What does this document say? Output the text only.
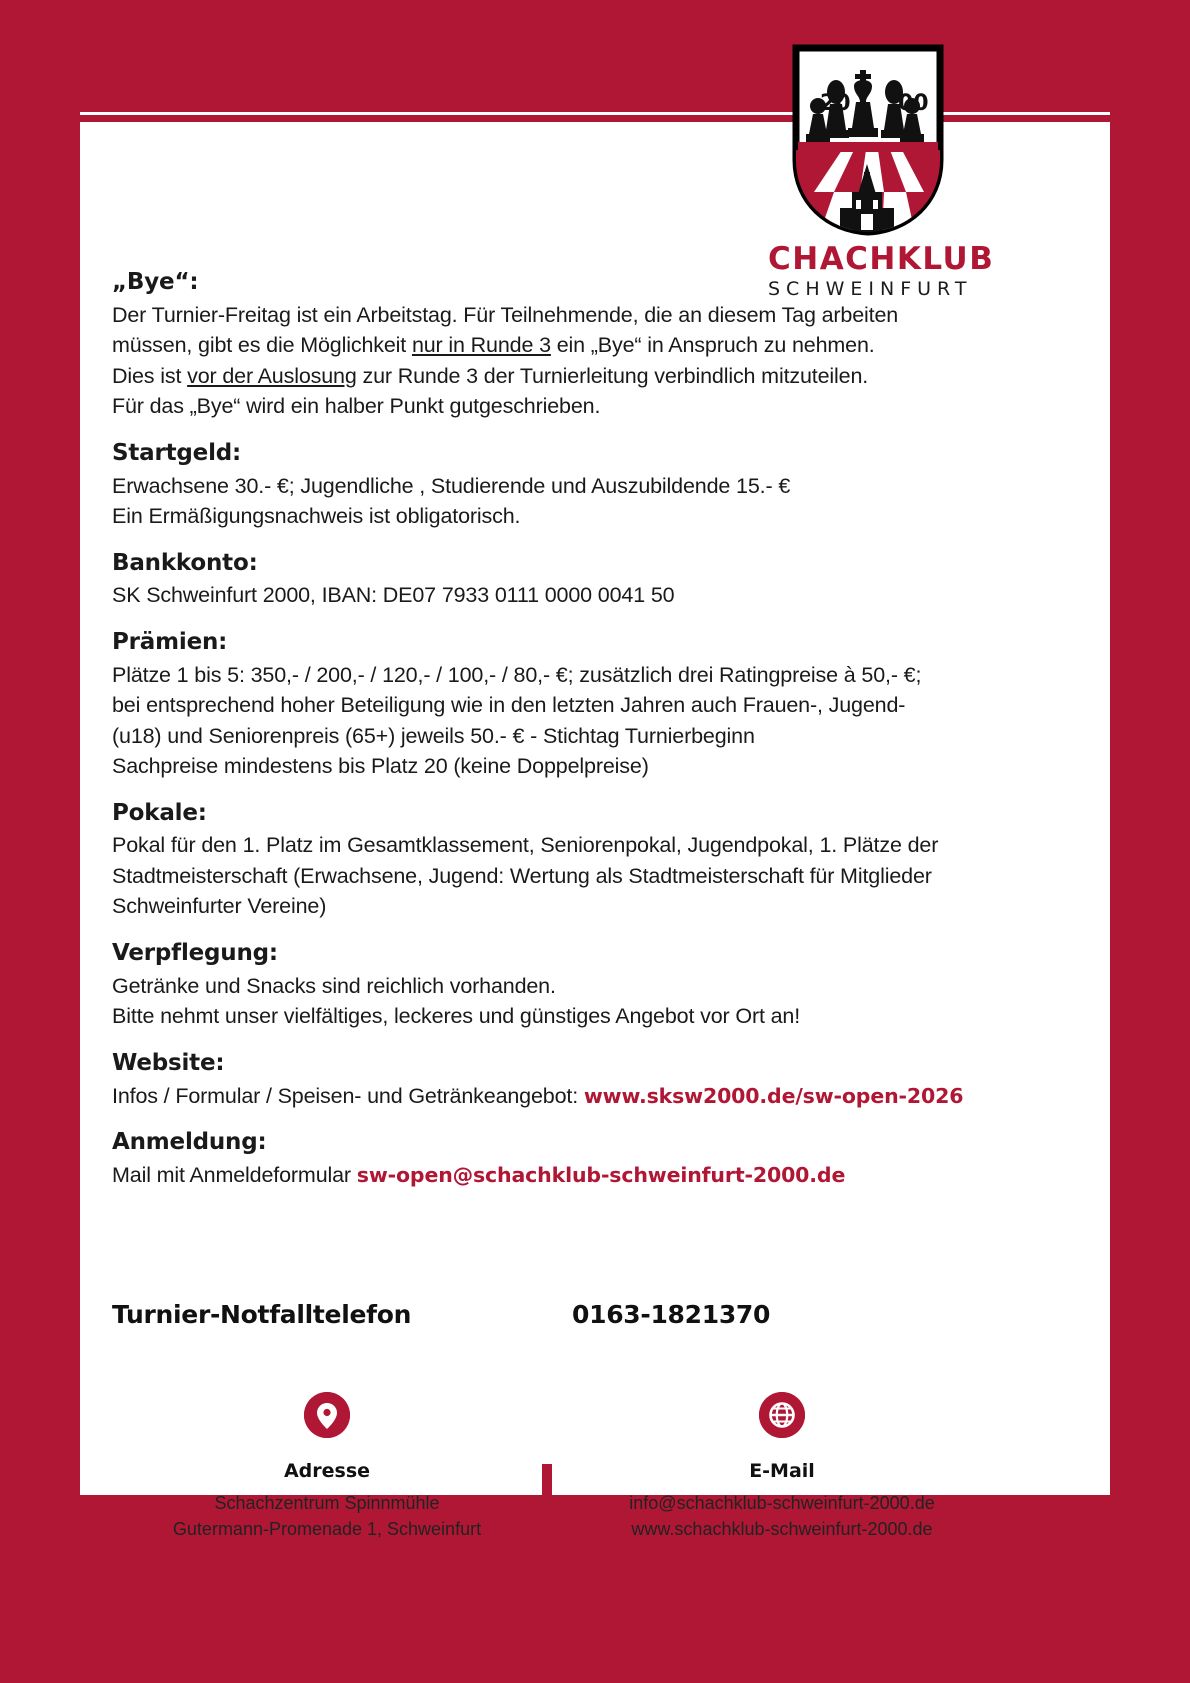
20 00
CHACHKLUB
SCHWEINFURT
„Bye“:

Der Turnier-Freitag ist ein Arbeitstag. Für Teilnehmende, die an diesem Tag arbeiten

müssen, gibt es die Möglichkeit nur in Runde 3 ein „Bye“ in Anspruch zu nehmen.

Dies ist vor der Auslosung zur Runde 3 der Turnierleitung verbindlich mitzuteilen.

Für das „Bye“ wird ein halber Punkt gutgeschrieben.

Startgeld:

Erwachsene 30.- €; Jugendliche , Studierende und Auszubildende 15.- €

Ein Ermäßigungsnachweis ist obligatorisch.

Bankkonto:

SK Schweinfurt 2000, IBAN: DE07 7933 0111 0000 0041 50

Prämien:

Plätze 1 bis 5: 350,- / 200,- / 120,- / 100,- / 80,- €; zusätzlich drei Ratingpreise à 50,- €;

bei entsprechend hoher Beteiligung wie in den letzten Jahren auch Frauen-, Jugend-

(u18) und Seniorenpreis (65+) jeweils 50.- € - Stichtag Turnierbeginn

Sachpreise mindestens bis Platz 20 (keine Doppelpreise)

Pokale:

Pokal für den 1. Platz im Gesamtklassement, Seniorenpokal, Jugendpokal, 1. Plätze der

Stadtmeisterschaft (Erwachsene, Jugend: Wertung als Stadtmeisterschaft für Mitglieder

Schweinfurter Vereine)

Verpflegung:

Getränke und Snacks sind reichlich vorhanden.

Bitte nehmt unser vielfältiges, leckeres und günstiges Angebot vor Ort an!

Website:

Infos / Formular / Speisen- und Getränkeangebot: www.sksw2000.de/sw-open-2026

Anmeldung:

Mail mit Anmeldeformular sw-open@schachklub-schweinfurt-2000.de

Turnier-Notfalltelefon	0163-1821370
Adresse
Schachzentrum Spinnmühle
Gutermann-Promenade 1, Schweinfurt
E-Mail
info@schachklub-schweinfurt-2000.de
www.schachklub-schweinfurt-2000.de
